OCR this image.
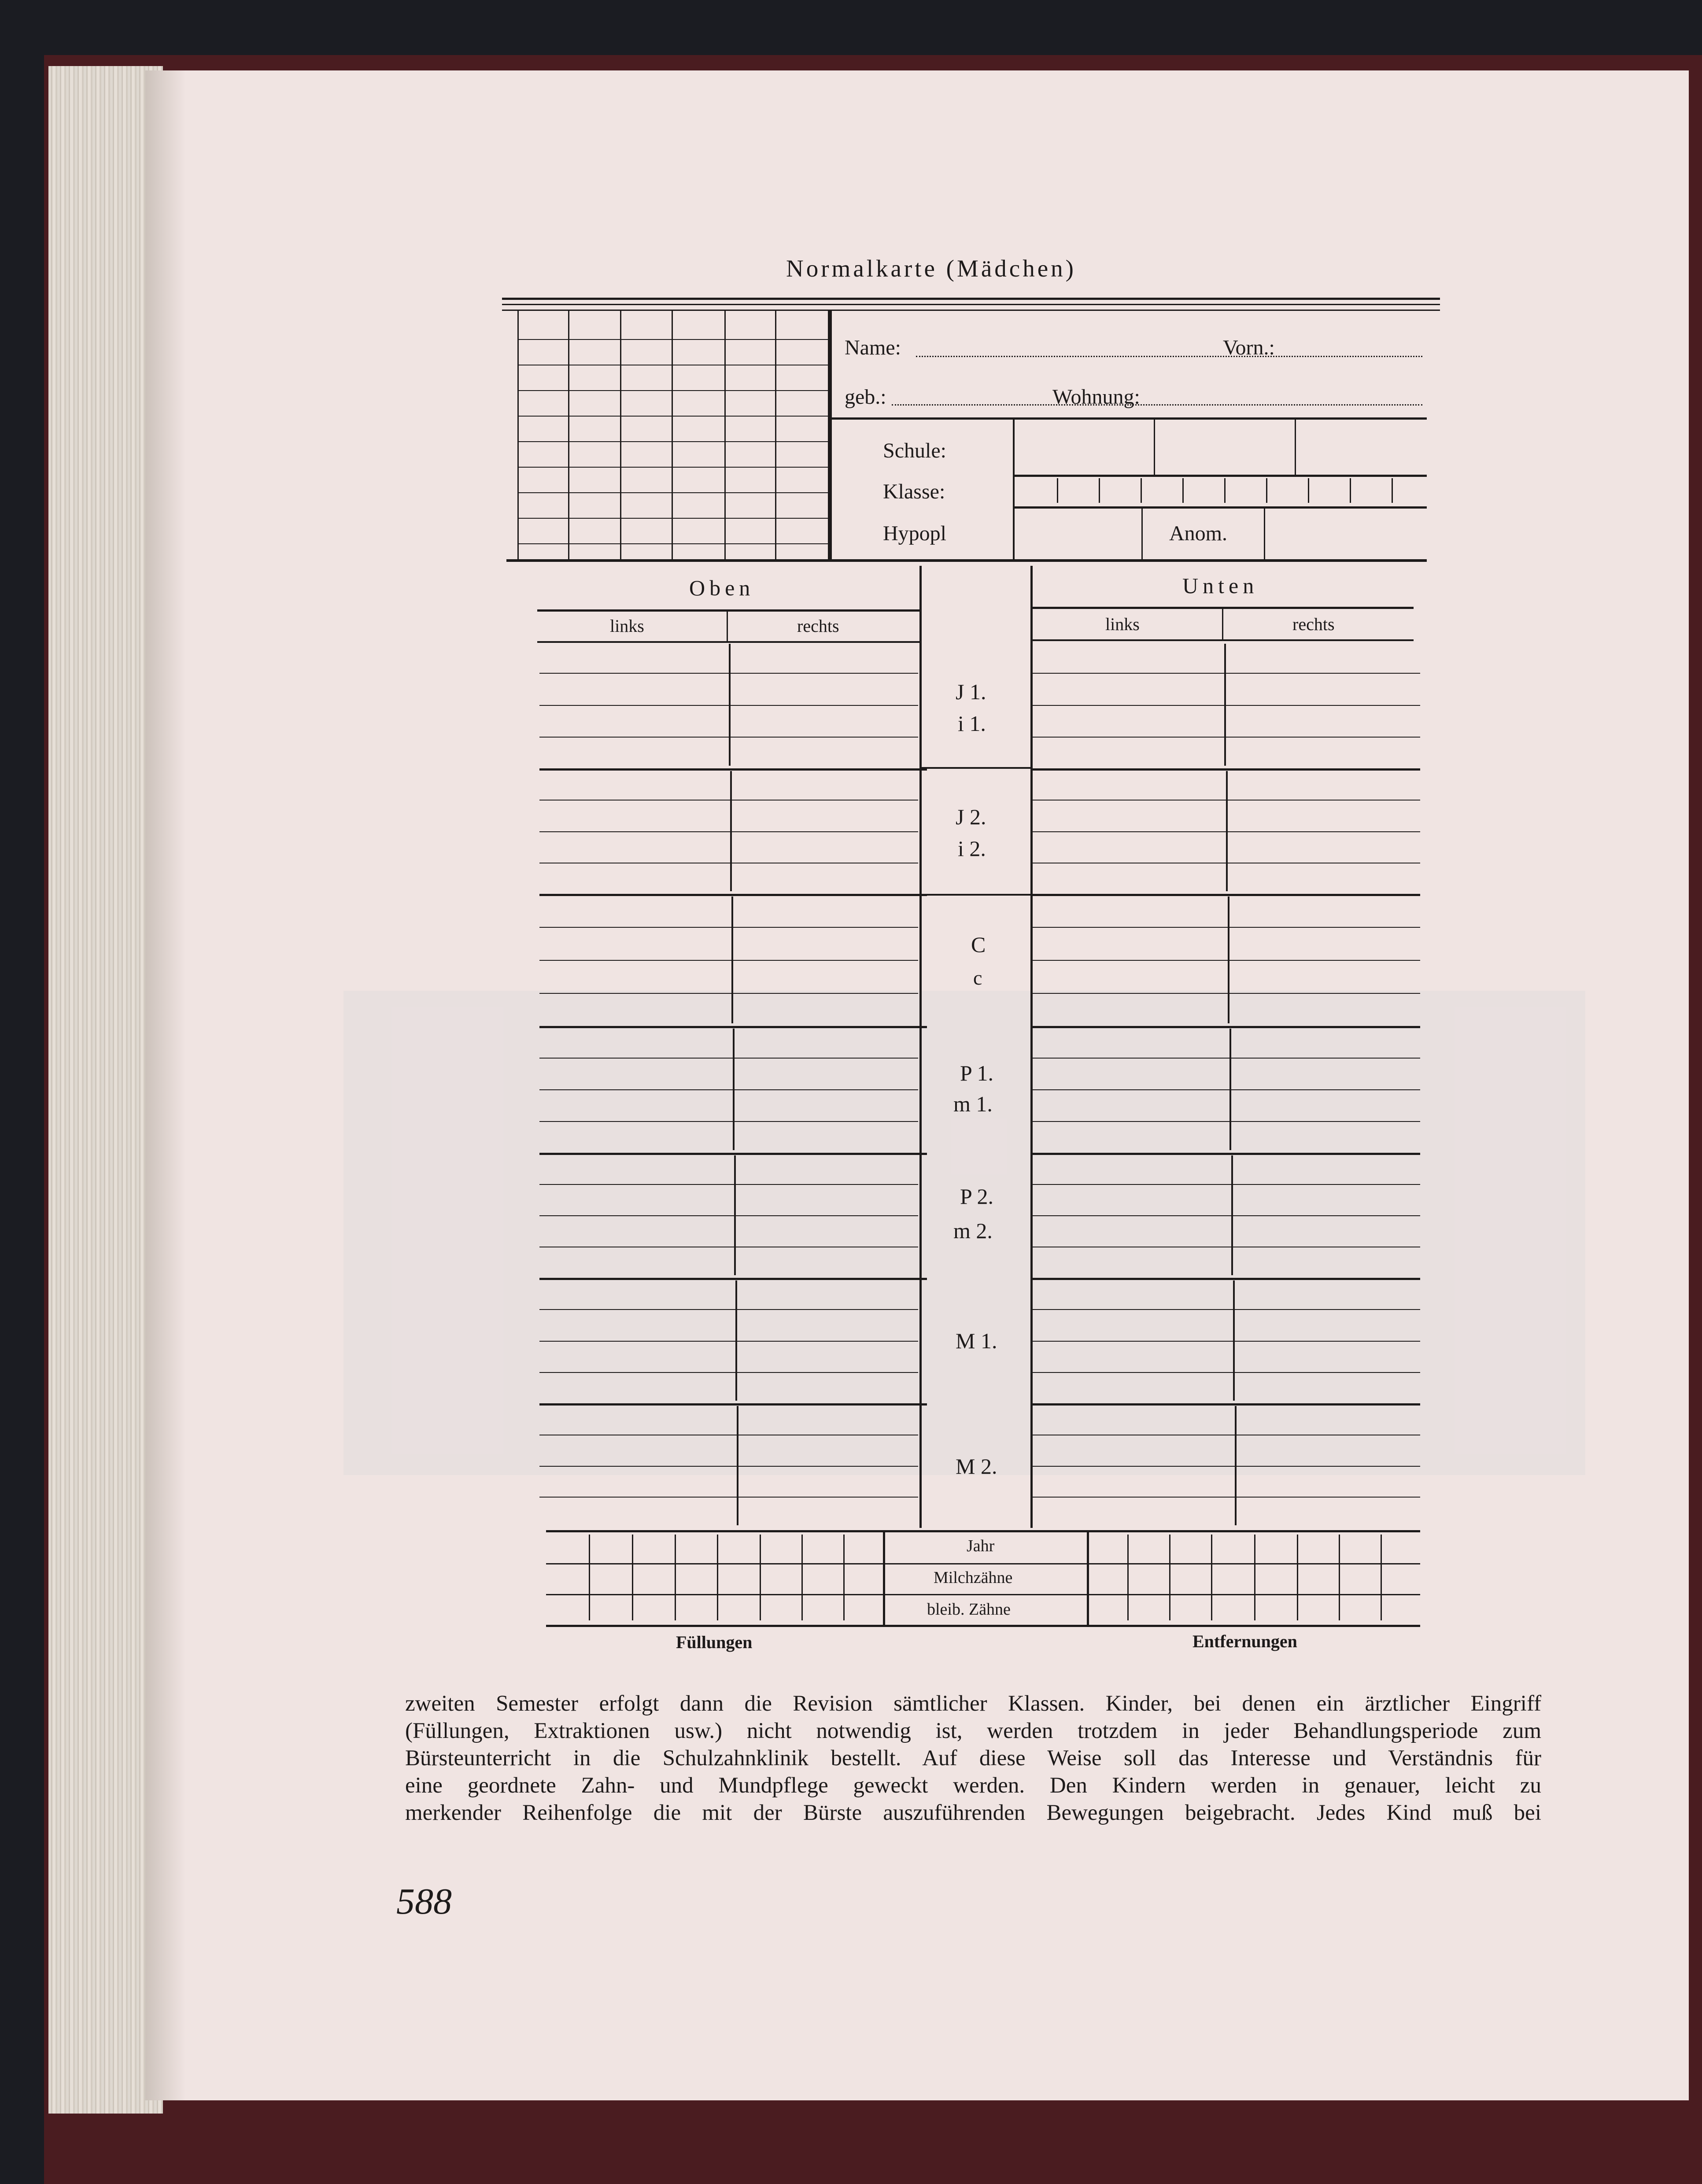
Normalkarte (Mädchen)
Name:	Vorn.:
geb.:	Wohnung:
Schule:
Klasse:
Hypopl	Anom.
Oben	Unten
links	rechts	links	rechts
J 1.
i 1.
J 2.
i 2.
C
c
P 1.
m 1.
P 2.
m 2.
M 1.
M 2.
Jahr
Milchzähne
bleib. Zähne
Füllungen	Entfernungen
zweiten Semester erfolgt dann die Revision sämtlicher Klassen. Kinder, bei denen ein ärztlicher Eingriff
(Füllungen, Extraktionen usw.) nicht notwendig ist, werden trotzdem in jeder Behandlungsperiode zum
Bürsteunterricht in die Schulzahnklinik bestellt. Auf diese Weise soll das Interesse und Verständnis für
eine geordnete Zahn- und Mundpflege geweckt werden. Den Kindern werden in genauer, leicht zu
merkender Reihenfolge die mit der Bürste auszuführenden Bewegungen beigebracht. Jedes Kind muß bei
588
